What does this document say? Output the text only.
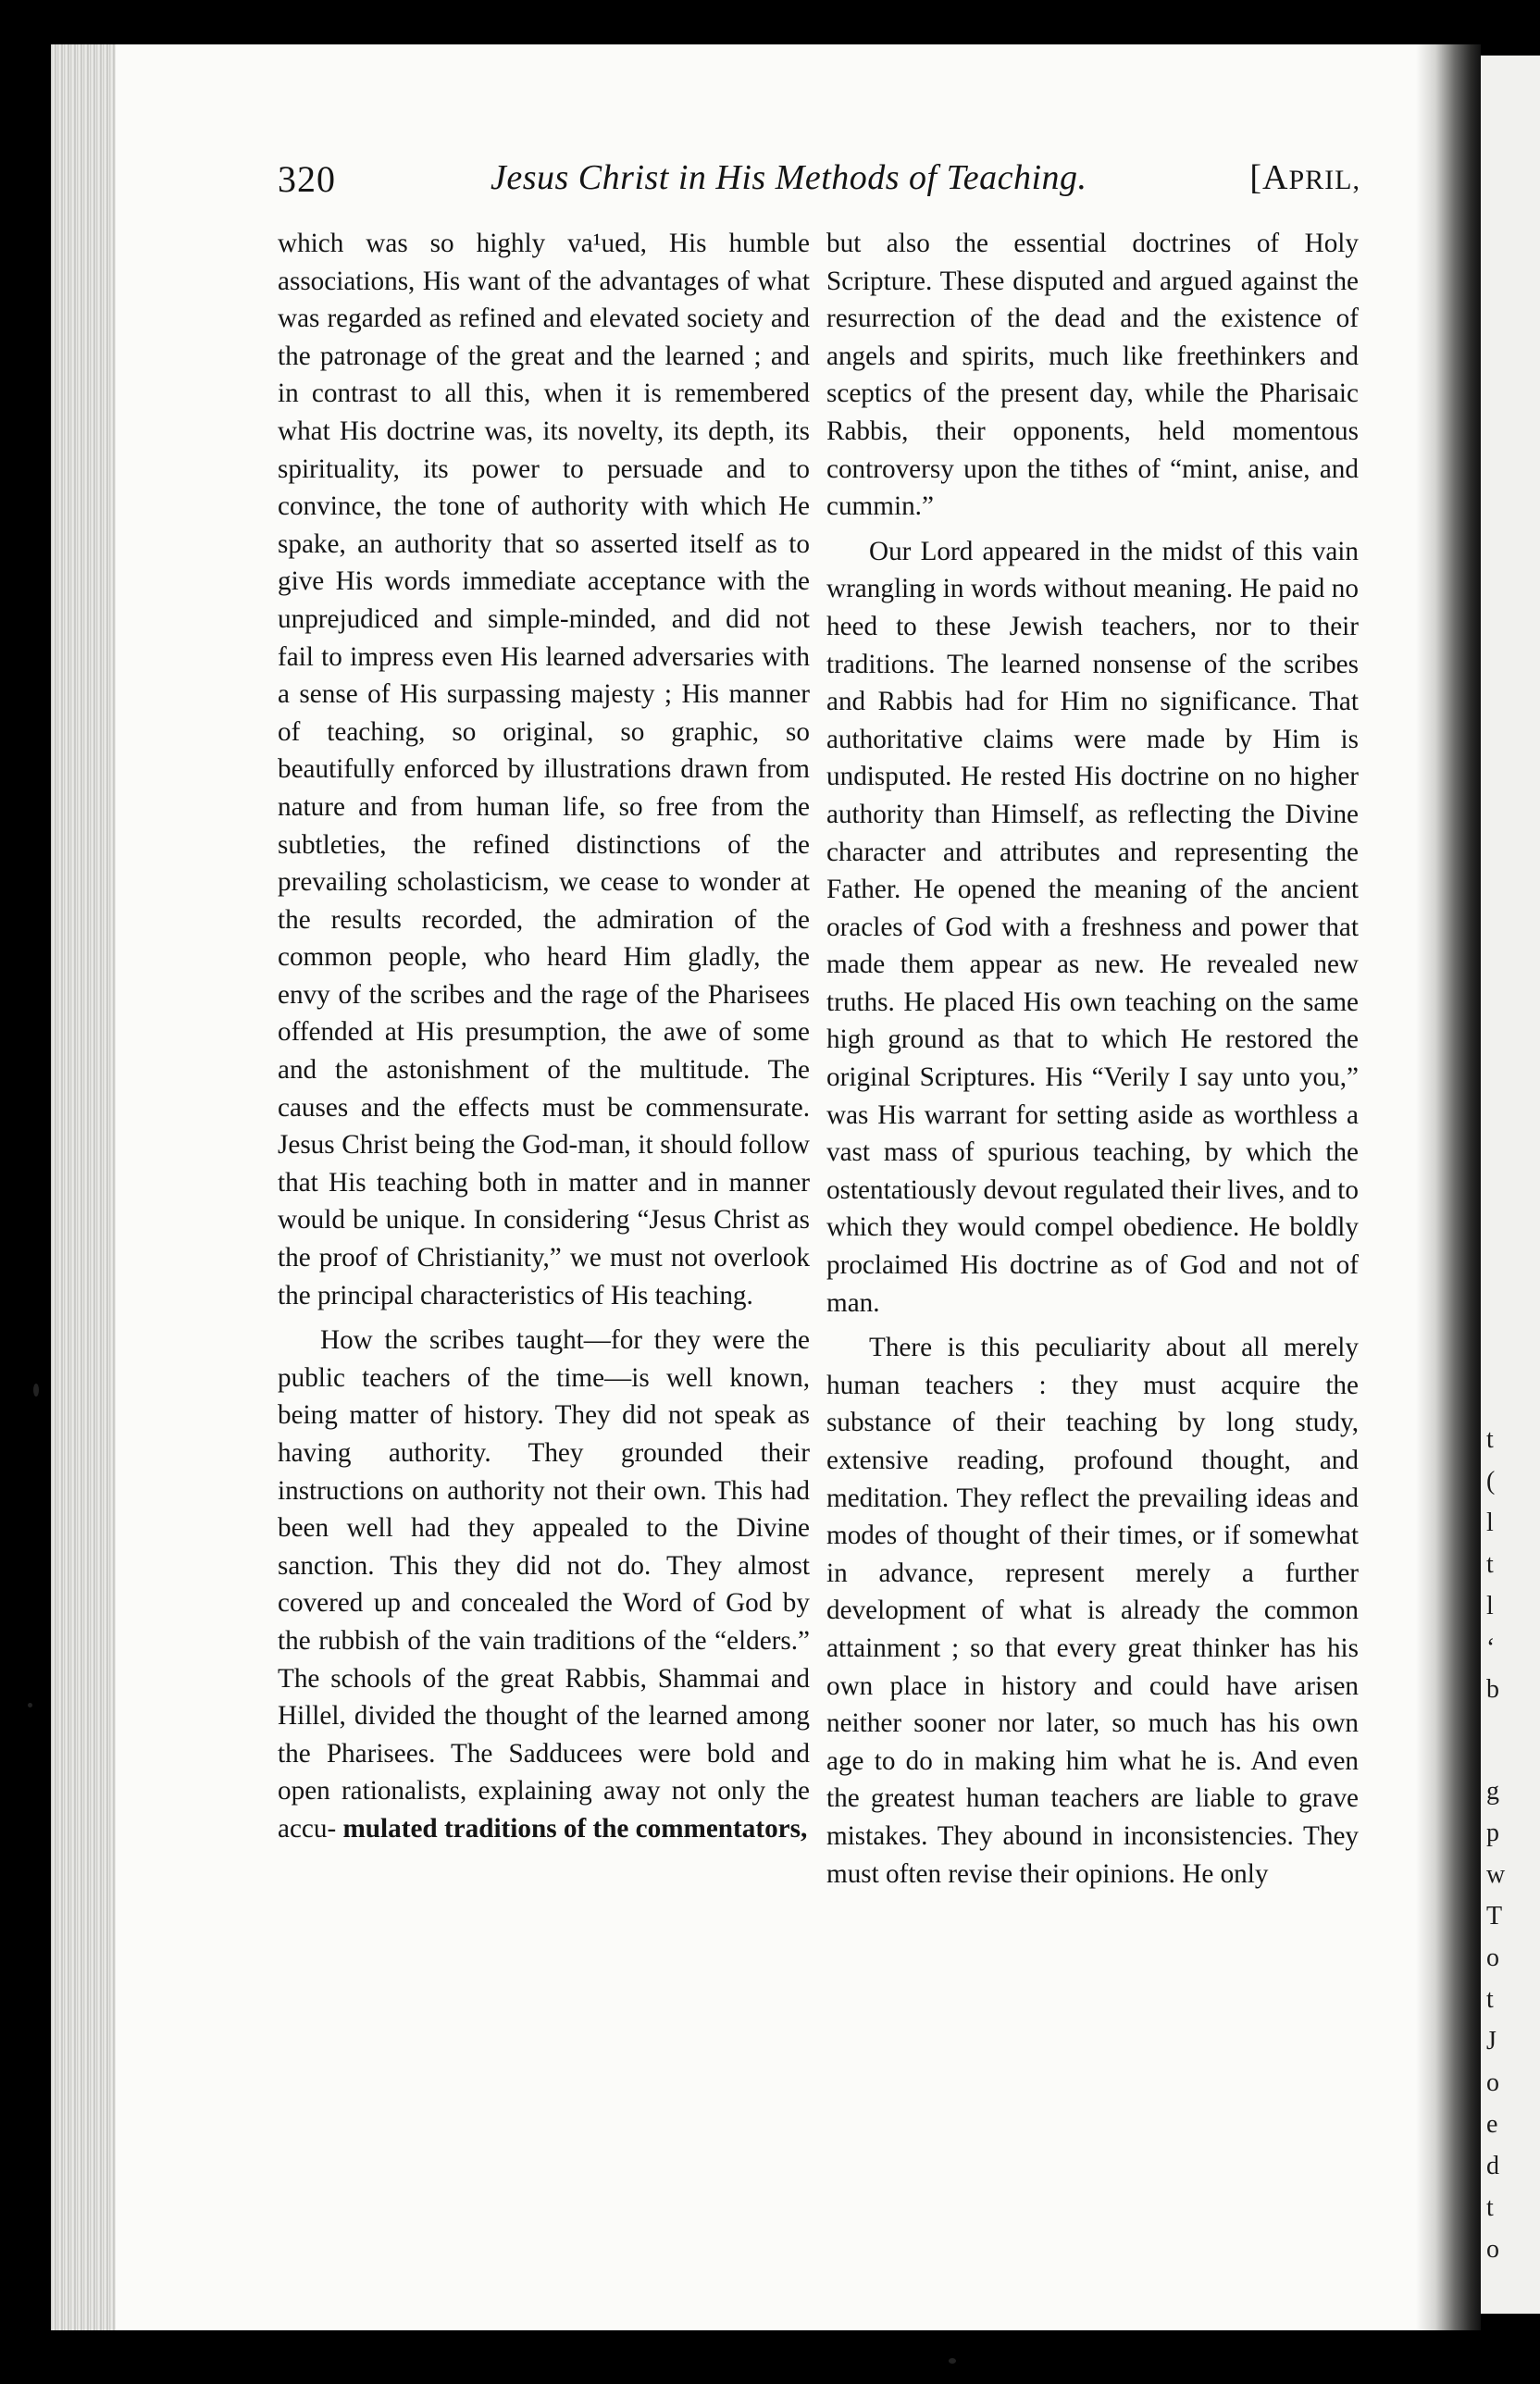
t
(
l
t
l
‘
b
g
p
w
T
o
t
J
o
e
d
t
o
320	Jesus Christ in His Methods of Teaching.	[APRIL,

which was so highly va¹ued, His humble associations, His want of the advantages of what was regarded as refined and elevated society and the patronage of the great and the learned ; and in contrast to all this, when it is remembered what His doctrine was, its novelty, its depth, its spirituality, its power to persuade and to convince, the tone of authority with which He spake, an authority that so asserted itself as to give His words immediate acceptance with the unprejudiced and simple-minded, and did not fail to impress even His learned adversaries with a sense of His surpassing majesty ; His manner of teaching, so original, so graphic, so beautifully enforced by illustrations drawn from nature and from human life, so free from the subtleties, the refined distinctions of the prevailing scholasticism, we cease to wonder at the results recorded, the admiration of the common people, who heard Him gladly, the envy of the scribes and the rage of the Pharisees offended at His presumption, the awe of some and the astonishment of the multitude. The causes and the effects must be commensurate. Jesus Christ being the God-man, it should follow that His teaching both in matter and in manner would be unique. In considering “Jesus Christ as the proof of Christianity,” we must not overlook the principal characteristics of His teaching.

How the scribes taught—for they were the public teachers of the time—is well known, being matter of history. They did not speak as having authority. They grounded their instructions on authority not their own. This had been well had they appealed to the Divine sanction. This they did not do. They almost covered up and concealed the Word of God by the rubbish of the vain traditions of the “elders.” The schools of the great Rabbis, Shammai and Hillel, divided the thought of the learned among the Pharisees. The Sadducees were bold and open rationalists, explaining away not only the accu- mulated traditions of the commentators,

but also the essential doctrines of Holy Scripture. These disputed and argued against the resurrection of the dead and the existence of angels and spirits, much like freethinkers and sceptics of the present day, while the Pharisaic Rabbis, their opponents, held momentous controversy upon the tithes of “mint, anise, and cummin.”

Our Lord appeared in the midst of this vain wrangling in words without meaning. He paid no heed to these Jewish teachers, nor to their traditions. The learned nonsense of the scribes and Rabbis had for Him no significance. That authoritative claims were made by Him is undisputed. He rested His doctrine on no higher authority than Himself, as reflecting the Divine character and attributes and representing the Father. He opened the meaning of the ancient oracles of God with a freshness and power that made them appear as new. He revealed new truths. He placed His own teaching on the same high ground as that to which He restored the original Scriptures. His “Verily I say unto you,” was His warrant for setting aside as worthless a vast mass of spurious teaching, by which the ostentatiously devout regulated their lives, and to which they would compel obedience. He boldly proclaimed His doctrine as of God and not of man.

There is this peculiarity about all merely human teachers : they must acquire the substance of their teaching by long study, extensive reading, profound thought, and meditation. They reflect the prevailing ideas and modes of thought of their times, or if somewhat in advance, represent merely a further development of what is already the common attainment ; so that every great thinker has his own place in history and could have arisen neither sooner nor later, so much has his own age to do in making him what he is. And even the greatest human teachers are liable to grave mistakes. They abound in inconsistencies. They must often revise their opinions. He only
